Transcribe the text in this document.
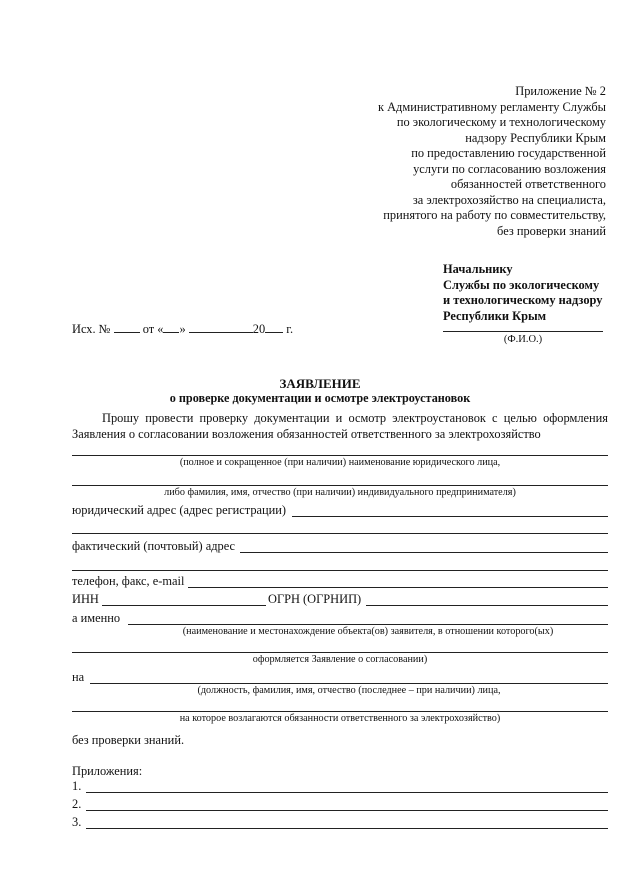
Приложение № 2
к Административному регламенту Службы
по экологическому и технологическому
надзору Республики Крым
по предоставлению государственной
услуги по согласованию возложения
обязанностей ответственного
за электрохозяйство на специалиста,
принятого на работу по совместительству,
без проверки знаний
Начальнику
Службы по экологическому
и технологическому надзору
Республики Крым
(Ф.И.О.)
Исх. №	от « »	20 г.
ЗАЯВЛЕНИЕ
о проверке документации и осмотре электроустановок
Прошу провести проверку документации и осмотр электроустановок с целью оформления Заявления о согласовании возложения обязанностей ответственного за электрохозяйство
(полное и сокращенное (при наличии) наименование юридического лица,
либо фамилия, имя, отчество (при наличии) индивидуального предпринимателя)
юридический адрес (адрес регистрации)
фактический (почтовый) адрес
телефон, факс, e-mail
ИНН	ОГРН (ОГРНИП)
а именно
(наименование и местонахождение объекта(ов) заявителя, в отношении которого(ых)
оформляется Заявление о согласовании)
на
(должность, фамилия, имя, отчество (последнее – при наличии) лица,
на которое возлагаются обязанности ответственного за электрохозяйство)
без проверки знаний.
Приложения:
1.
2.
3.
